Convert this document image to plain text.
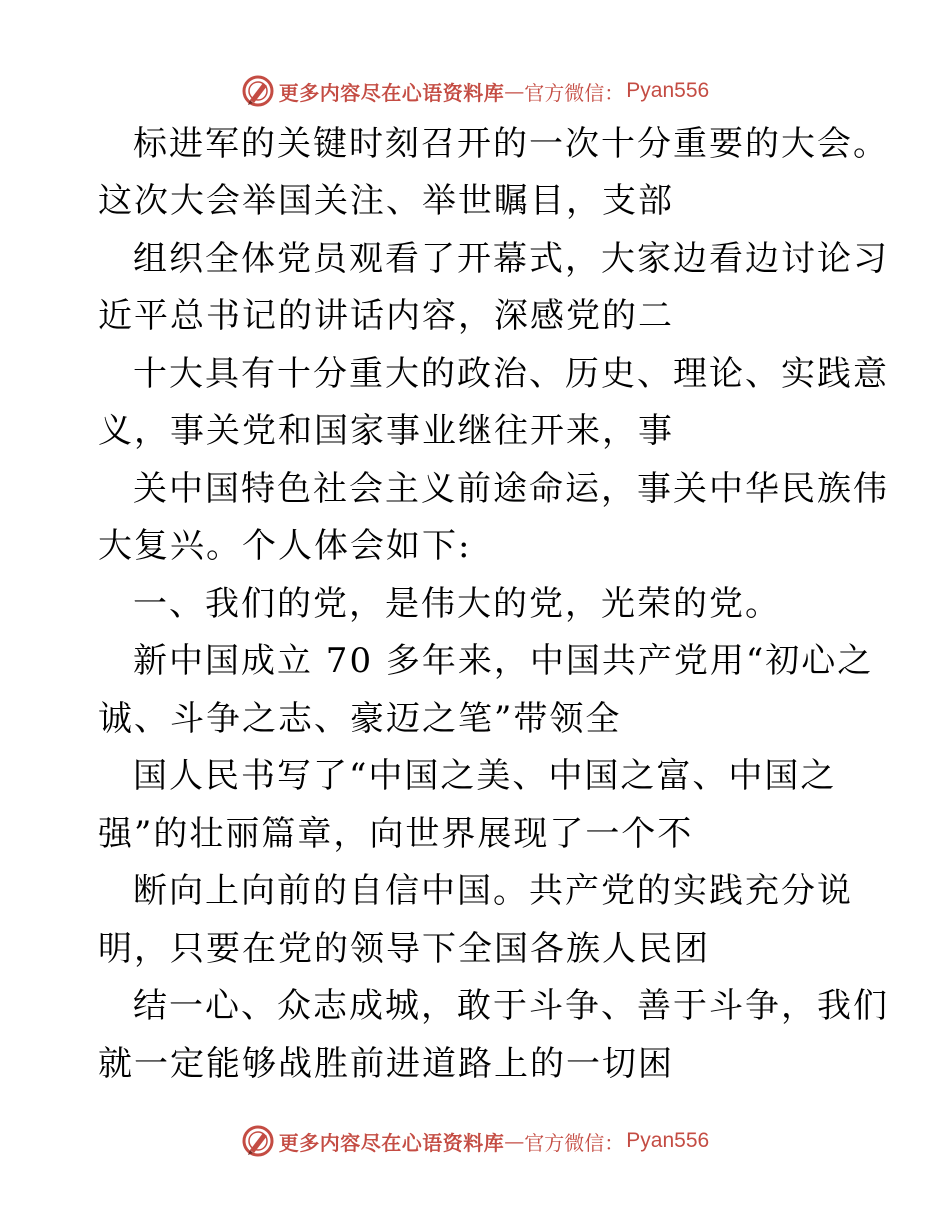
更多内容尽在心语资料库 — 官方微信： Pyan556
标进军的关键时刻召开的一次十分重要的大会。
这次大会举国关注、举世瞩目，支部
组织全体党员观看了开幕式，大家边看边讨论习
近平总书记的讲话内容，深感党的二
十大具有十分重大的政治、历史、理论、实践意
义，事关党和国家事业继往开来，事
关中国特色社会主义前途命运，事关中华民族伟
大复兴。个人体会如下:
一、我们的党，是伟大的党，光荣的党。
新中国成立 70 多年来，中国共产党用“初心之
诚、斗争之志、豪迈之笔”带领全
国人民书写了“中国之美、中国之富、中国之
强”的壮丽篇章，向世界展现了一个不
断向上向前的自信中国。共产党的实践充分说
明，只要在党的领导下全国各族人民团
结一心、众志成城，敢于斗争、善于斗争，我们
就一定能够战胜前进道路上的一切困
更多内容尽在心语资料库 — 官方微信： Pyan556
